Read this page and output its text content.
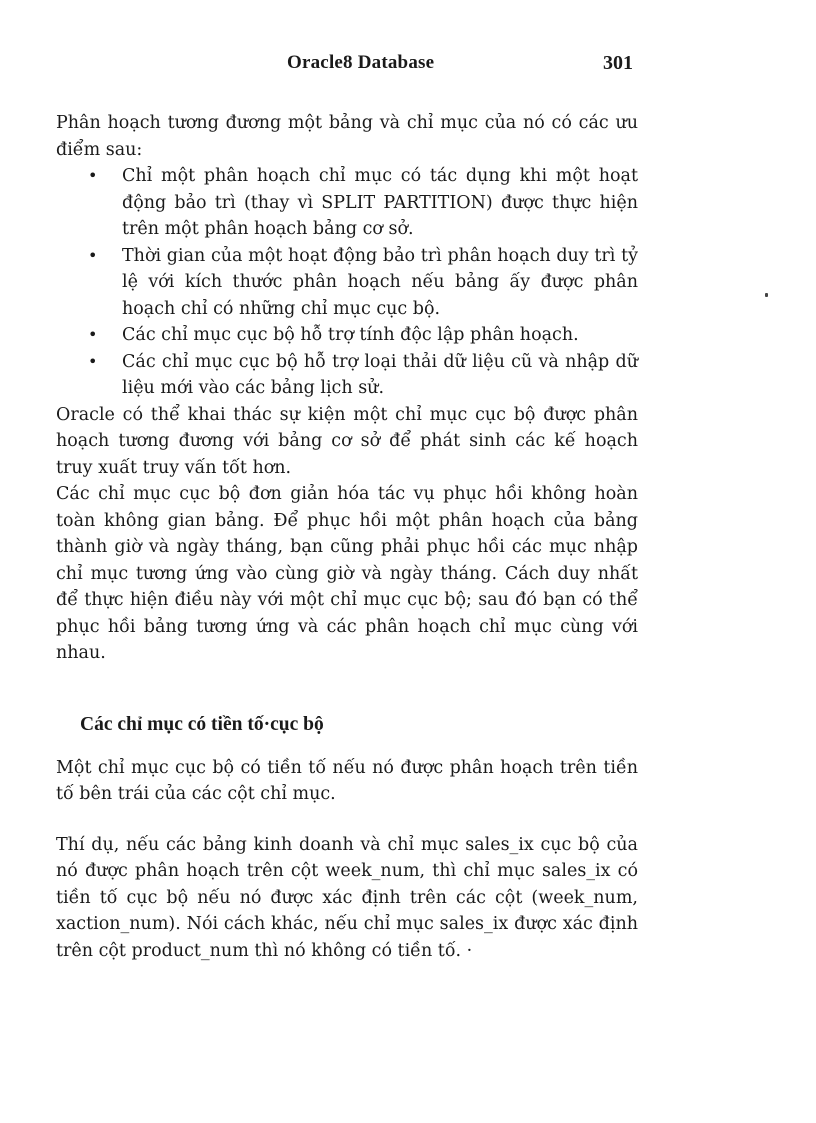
Oracle8 Database	301

Phân hoạch tương đương một bảng và chỉ mục của nó có các ưu điểm sau:

• Chỉ một phân hoạch chỉ mục có tác dụng khi một hoạt động bảo trì (thay vì SPLIT PARTITION) được thực hiện trên một phân hoạch bảng cơ sở.
• Thời gian của một hoạt động bảo trì phân hoạch duy trì tỷ lệ với kích thước phân hoạch nếu bảng ấy được phân hoạch chỉ có những chỉ mục cục bộ.
• Các chỉ mục cục bộ hỗ trợ tính độc lập phân hoạch.
• Các chỉ mục cục bộ hỗ trợ loại thải dữ liệu cũ và nhập dữ liệu mới vào các bảng lịch sử.

Oracle có thể khai thác sự kiện một chỉ mục cục bộ được phân hoạch tương đương với bảng cơ sở để phát sinh các kế hoạch truy xuất truy vấn tốt hơn.

Các chỉ mục cục bộ đơn giản hóa tác vụ phục hồi không hoàn toàn không gian bảng. Để phục hồi một phân hoạch của bảng thành giờ và ngày tháng, bạn cũng phải phục hồi các mục nhập chỉ mục tương ứng vào cùng giờ và ngày tháng. Cách duy nhất để thực hiện điều này với một chỉ mục cục bộ; sau đó bạn có thể phục hồi bảng tương ứng và các phân hoạch chỉ mục cùng với nhau.

Các chỉ mục có tiền tố·cục bộ

Một chỉ mục cục bộ có tiền tố nếu nó được phân hoạch trên tiền tố bên trái của các cột chỉ mục.

Thí dụ, nếu các bảng kinh doanh và chỉ mục sales_ix cục bộ của nó được phân hoạch trên cột week_num, thì chỉ mục sales_ix có tiền tố cục bộ nếu nó được xác định trên các cột (week_num, xaction_num). Nói cách khác, nếu chỉ mục sales_ix được xác định trên cột product_num thì nó không có tiền tố. ·
